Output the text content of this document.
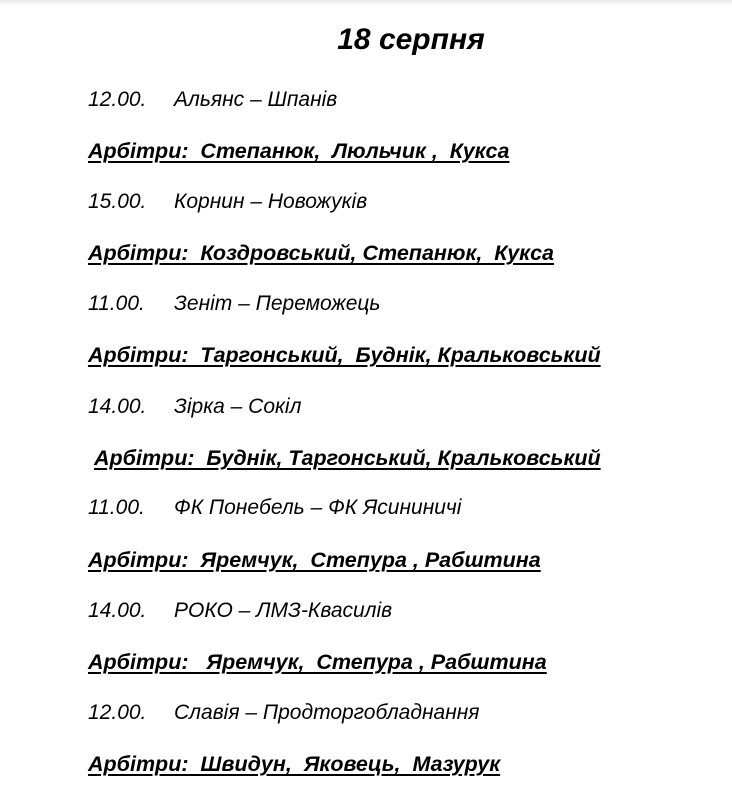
18 серпня
12.00. Альянс – Шпанів
Арбітри:  Степанюк,  Люльчик ,  Кукса
15.00. Корнин – Новожуків
Арбітри:  Коздровський, Степанюк,  Кукса
11.00. Зеніт – Переможець
Арбітри:  Таргонський,  Буднік, Кральковський
14.00. Зірка – Сокіл
Арбітри:  Буднік, Таргонський, Кральковський
11.00. ФК Понебель – ФК Ясининичі
Арбітри:  Яремчук,  Степура , Рабштина
14.00. РОКО – ЛМЗ-Квасилів
Арбітри:   Яремчук,  Степура , Рабштина
12.00. Славія – Продторгобладнання
Арбітри:  Швидун,  Яковець,  Мазурук
